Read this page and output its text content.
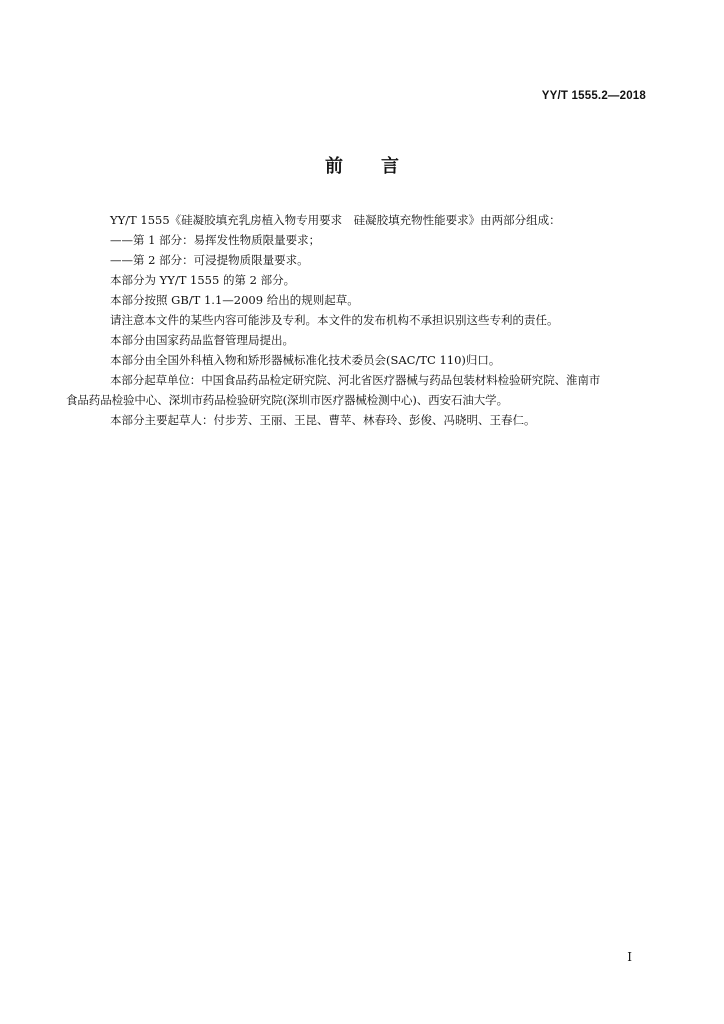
YY/T 1555.2—2018
前 言

YY/T 1555《硅凝胶填充乳房植入物专用要求　硅凝胶填充物性能要求》由两部分组成：

——第 1 部分：易挥发性物质限量要求；

——第 2 部分：可浸提物质限量要求。

本部分为 YY/T 1555 的第 2 部分。

本部分按照 GB/T 1.1—2009 给出的规则起草。

请注意本文件的某些内容可能涉及专利。本文件的发布机构不承担识别这些专利的责任。

本部分由国家药品监督管理局提出。

本部分由全国外科植入物和矫形器械标准化技术委员会(SAC/TC 110)归口。

本部分起草单位：中国食品药品检定研究院、河北省医疗器械与药品包装材料检验研究院、淮南市
食品药品检验中心、深圳市药品检验研究院(深圳市医疗器械检测中心)、西安石油大学。

本部分主要起草人：付步芳、王丽、王昆、曹苹、林春玲、彭俊、冯晓明、王春仁。

I
